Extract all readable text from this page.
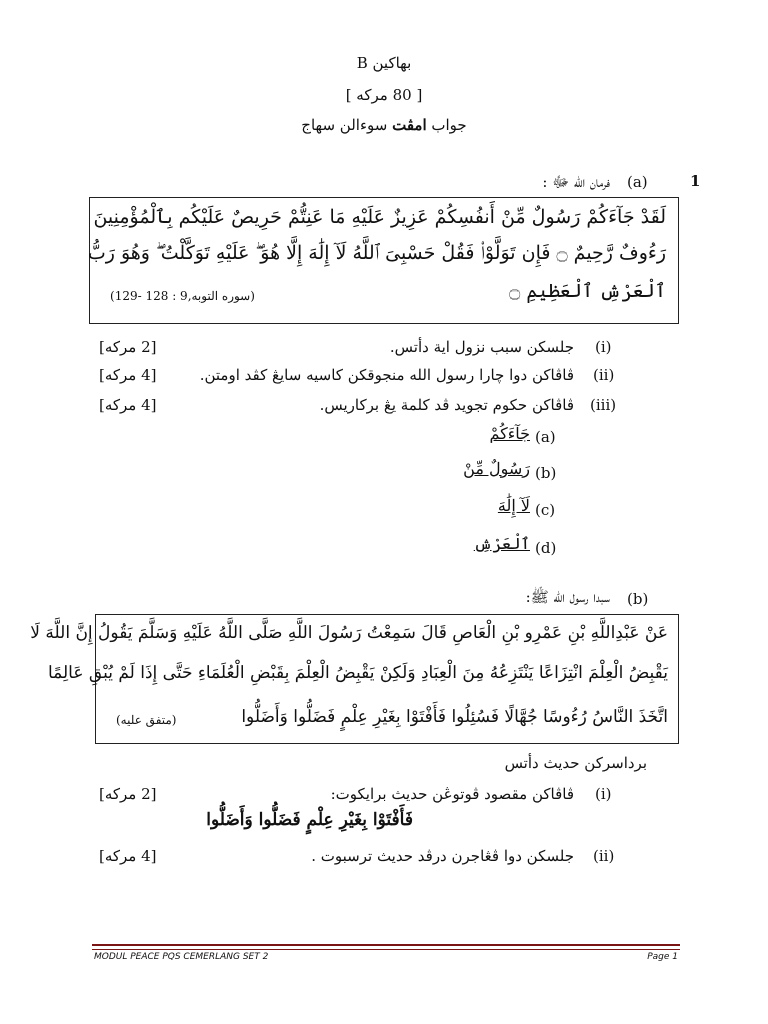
بهاکين B
[ 80 مرکه ]
جواب امڤت سوءالن سهاج
1
(a)
فرمان الله ﷻ :
لَقَدْ جَآءَكُمْ رَسُولٌ مِّنْ أَنفُسِكُمْ عَزِيزٌ عَلَيْهِ مَا عَنِتُّمْ حَرِيصٌ عَلَيْكُم بِٱلْمُؤْمِنِينَ
رَءُوفٌ رَّحِيمٌ ۝ فَإِن تَوَلَّوْا۟ فَقُلْ حَسْبِىَ ٱللَّهُ لَآ إِلَٰهَ إِلَّا هُوَ ۖ عَلَيْهِ تَوَكَّلْتُ ۖ وَهُوَ رَبُّ
ٱلْعَرْشِ ٱلْعَظِيمِ ۝
(سوره ‌التوبه,9 : 128 -129)
(i)
جلسکن سبب نزول اية دأتس.
[2 مرکه]
(ii)
ڤاڤاکن دوا چارا رسول الله منجوقکن کاسيه سايڠ کڤد اومتن.
[4 مرکه]
(iii)
ڤاڤاکن حکوم تجويد ڤد کلمة يڠ برکاريس.
[4 مرکه]
(a)
جَآءَكُمْ
(b)
رَسُولٌ مِّنْ
(c)
لَآ إِلَٰهَ
(d)
ٱلْعَرْشِ
(b)
سبدا رسول الله ﷺ:
عَنْ عَبْدِاللَّهِ بْنِ عَمْرِو بْنِ الْعَاصِ قَالَ سَمِعْتُ رَسُولَ اللَّهِ صَلَّى اللَّهُ عَلَيْهِ وَسَلَّمَ يَقُولُ إِنَّ اللَّهَ لَا
يَقْبِضُ الْعِلْمَ انْتِزَاعًا يَنْتَزِعُهُ مِنَ الْعِبَادِ وَلَكِنْ يَقْبِضُ الْعِلْمَ بِقَبْضِ الْعُلَمَاءِ حَتَّى إِذَا لَمْ يُبْقِ عَالِمًا
اتَّخَذَ النَّاسُ رُءُوسًا جُهَّالًا فَسُئِلُوا فَأَفْتَوْا بِغَيْرِ عِلْمٍ فَضَلُّوا وَأَضَلُّوا
(متفق عليه)
برداسرکن حديث دأتس
(i)
ڤاڤاکن مقصود ڤوتوڠن حديث برايکوت:
[2 مرکه]
فَأَفْتَوْا بِغَيْرِ عِلْمٍ فَضَلُّوا وَأَضَلُّوا
(ii)
جلسکن دوا ڤڠاجرن درڤد حديث ترسبوت .
[4 مرکه]
MODUL PEACE PQS CEMERLANG SET 2	Page 1
